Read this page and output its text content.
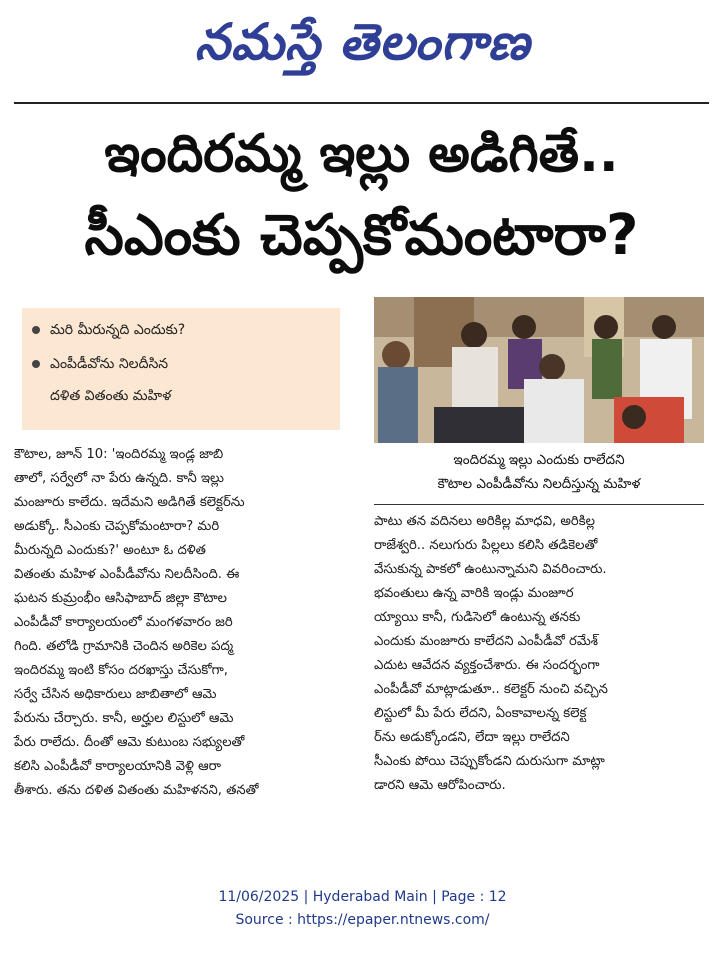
నమస్తే తెలంగాణ
ఇందిరమ్మ ఇల్లు అడిగితే..
సీఎంకు చెప్పకోమంటారా?
మరి మీరున్నది ఎందుకు?
ఎంపీడీవోను నిలదీసిన
దళిత వితంతు మహిళ
ఇందిరమ్మ ఇల్లు ఎందుకు రాలేదని
కౌటాల ఎంపీడీవోను నిలదీస్తున్న మహిళ

కౌటాల, జూన్ 10: 'ఇందిరమ్మ ఇండ్ల జాబి

తాలో, సర్వేలో నా పేరు ఉన్నది. కానీ ఇల్లు

మంజూరు కాలేదు. ఇదేమని అడిగితే కలెక్టర్‌ను

అడుక్కో. సీఎంకు చెప్పకోమంటారా? మరి

మీరున్నది ఎందుకు?' అంటూ ఓ దళిత

వితంతు మహిళ ఎంపీడీవోను నిలదీసింది. ఈ

ఘటన కుమ్రంభీం ఆసిఫాబాద్ జిల్లా కౌటాల

ఎంపీడీవో కార్యాలయంలో మంగళవారం జరి

గింది. తలోడి గ్రామానికి చెందిన అరికెల పద్మ

ఇందిరమ్మ ఇంటి కోసం దరఖాస్తు చేసుకోగా,

సర్వే చేసిన అధికారులు జాబితాలో ఆమె

పేరును చేర్చారు. కానీ, అర్హుల లిస్టులో ఆమె

పేరు రాలేదు. దీంతో ఆమె కుటుంబ సభ్యులతో

కలిసి ఎంపీడీవో కార్యాలయానికి వెళ్లి ఆరా

తీశారు. తను దళిత వితంతు మహిళనని, తనతో

పాటు తన వదినలు అరికిల్ల మాధవి, అరికిల్ల

రాజేశ్వరి.. నలుగురు పిల్లలు కలిసి తడికెలతో

వేసుకున్న పాకలో ఉంటున్నామని వివరించారు.

భవంతులు ఉన్న వారికి ఇండ్లు మంజూర

య్యాయి కానీ, గుడిసెలో ఉంటున్న తనకు

ఎందుకు మంజూరు కాలేదని ఎంపీడీవో రమేశ్

ఎదుట ఆవేదన వ్యక్తంచేశారు. ఈ సందర్భంగా

ఎంపీడీవో మాట్లాడుతూ.. కలెక్టర్ నుంచి వచ్చిన

లిస్టులో మీ పేరు లేదని, ఏంకావాలన్న కలెక్ట

ర్‌ను అడుక్కోండని, లేదా ఇల్లు రాలేదని

సీఎంకు పోయి చెప్పుకోండని దురుసుగా మాట్లా

డారని ఆమె ఆరోపించారు.

11/06/2025 | Hyderabad Main | Page : 12
Source : https://epaper.ntnews.com/
